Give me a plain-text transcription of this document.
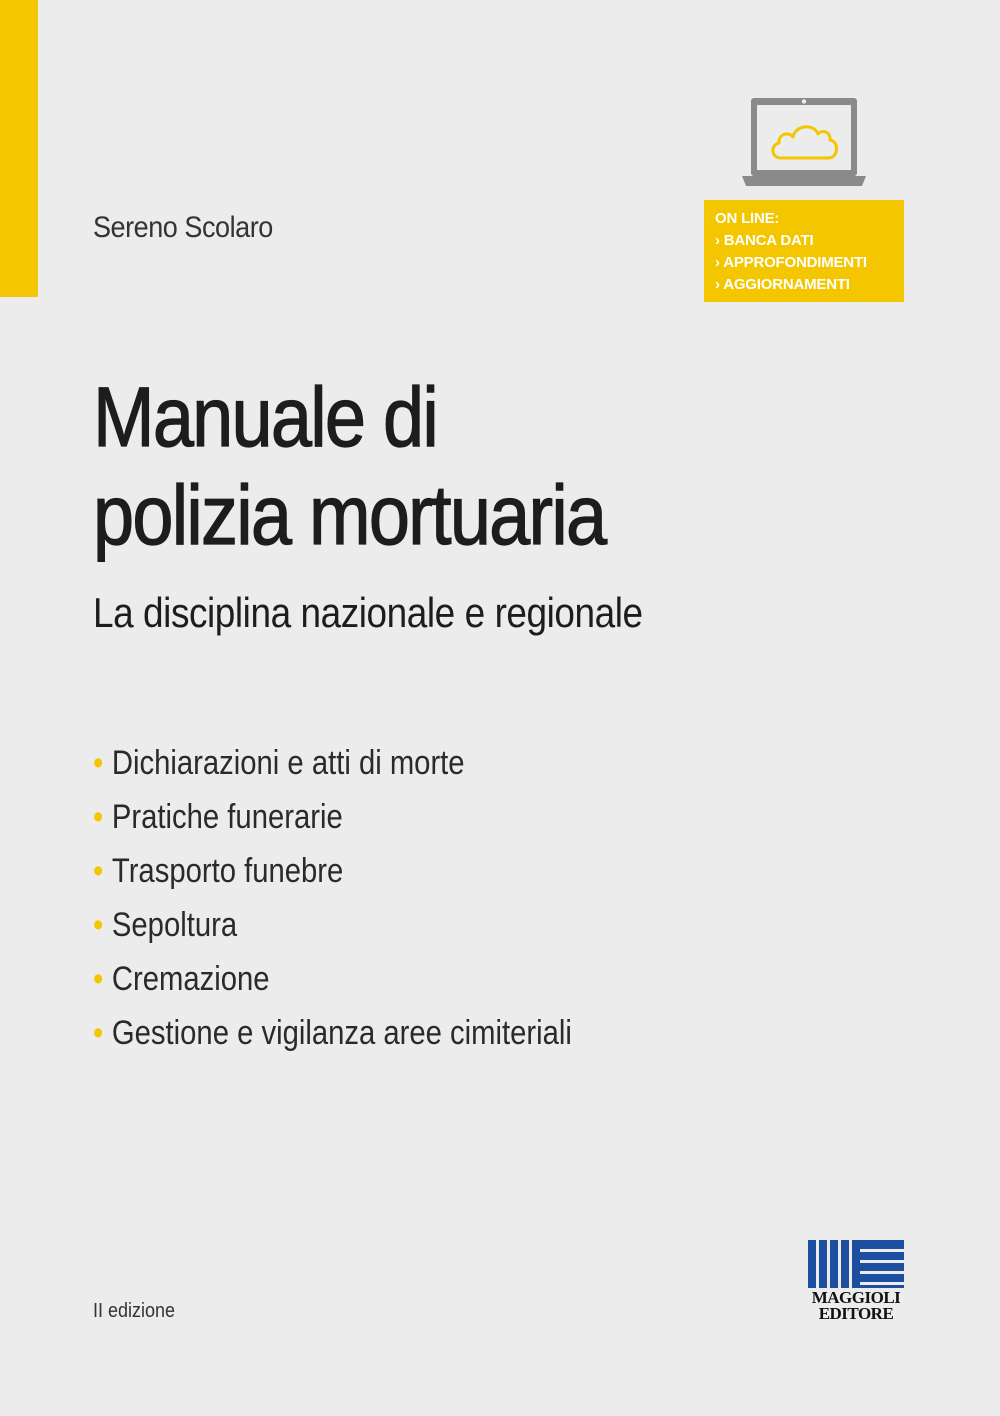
Sereno Scolaro	ON LINE:
› BANCA DATI
› APPROFONDIMENTI
› AGGIORNAMENTI
Manuale di
polizia mortuaria
La disciplina nazionale e regionale
• Dichiarazioni e atti di morte
• Pratiche funerarie
• Trasporto funebre
• Sepoltura
• Cremazione
• Gestione e vigilanza aree cimiteriali
II edizione
MAGGIOLI
EDITORE
